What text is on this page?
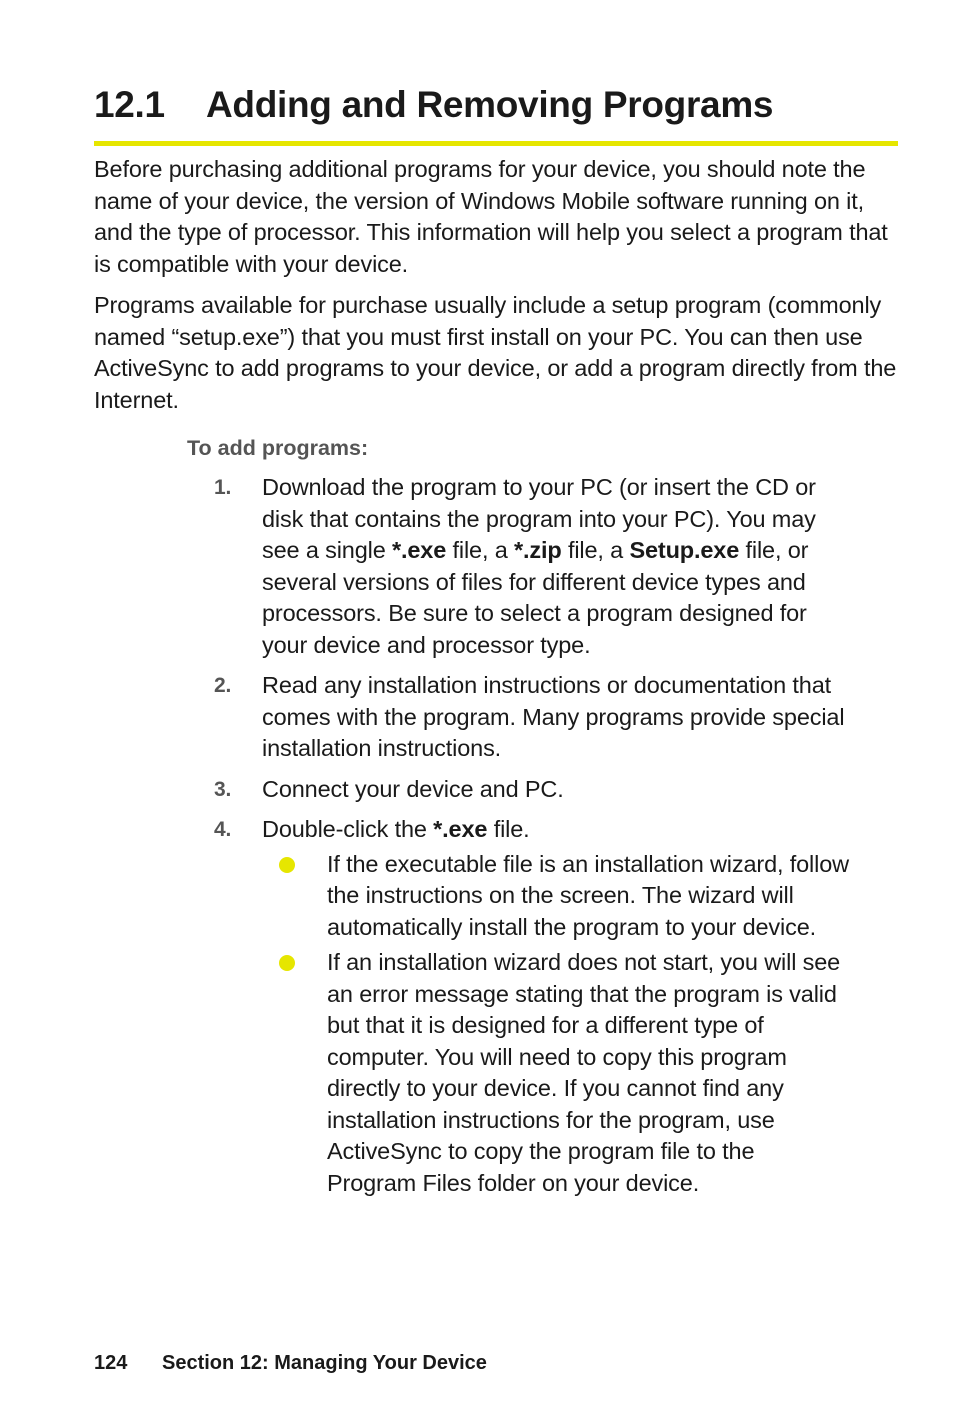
12.1 Adding and Removing Programs

Before purchasing additional programs for your device, you should note the name of your device, the version of Windows Mobile software running on it, and the type of processor. This information will help you select a program that is compatible with your device.

Programs available for purchase usually include a setup program (commonly named “setup.exe”) that you must first install on your PC. You can then use ActiveSync to add programs to your device, or add a program directly from the Internet.

To add programs:

1. Download the program to your PC (or insert the CD or disk that contains the program into your PC). You may see a single *.exe file, a *.zip file, a Setup.exe file, or several versions of files for different device types and processors. Be sure to select a program designed for your device and processor type.
2. Read any installation instructions or documentation that comes with the program. Many programs provide special installation instructions.
3. Connect your device and PC.
4. Double-click the *.exe file.
If the executable file is an installation wizard, follow the instructions on the screen. The wizard will automatically install the program to your device.
If an installation wizard does not start, you will see an error message stating that the program is valid but that it is designed for a different type of computer. You will need to copy this program directly to your device. If you cannot find any installation instructions for the program, use ActiveSync to copy the program file to the Program Files folder on your device.
124 Section 12: Managing Your Device
